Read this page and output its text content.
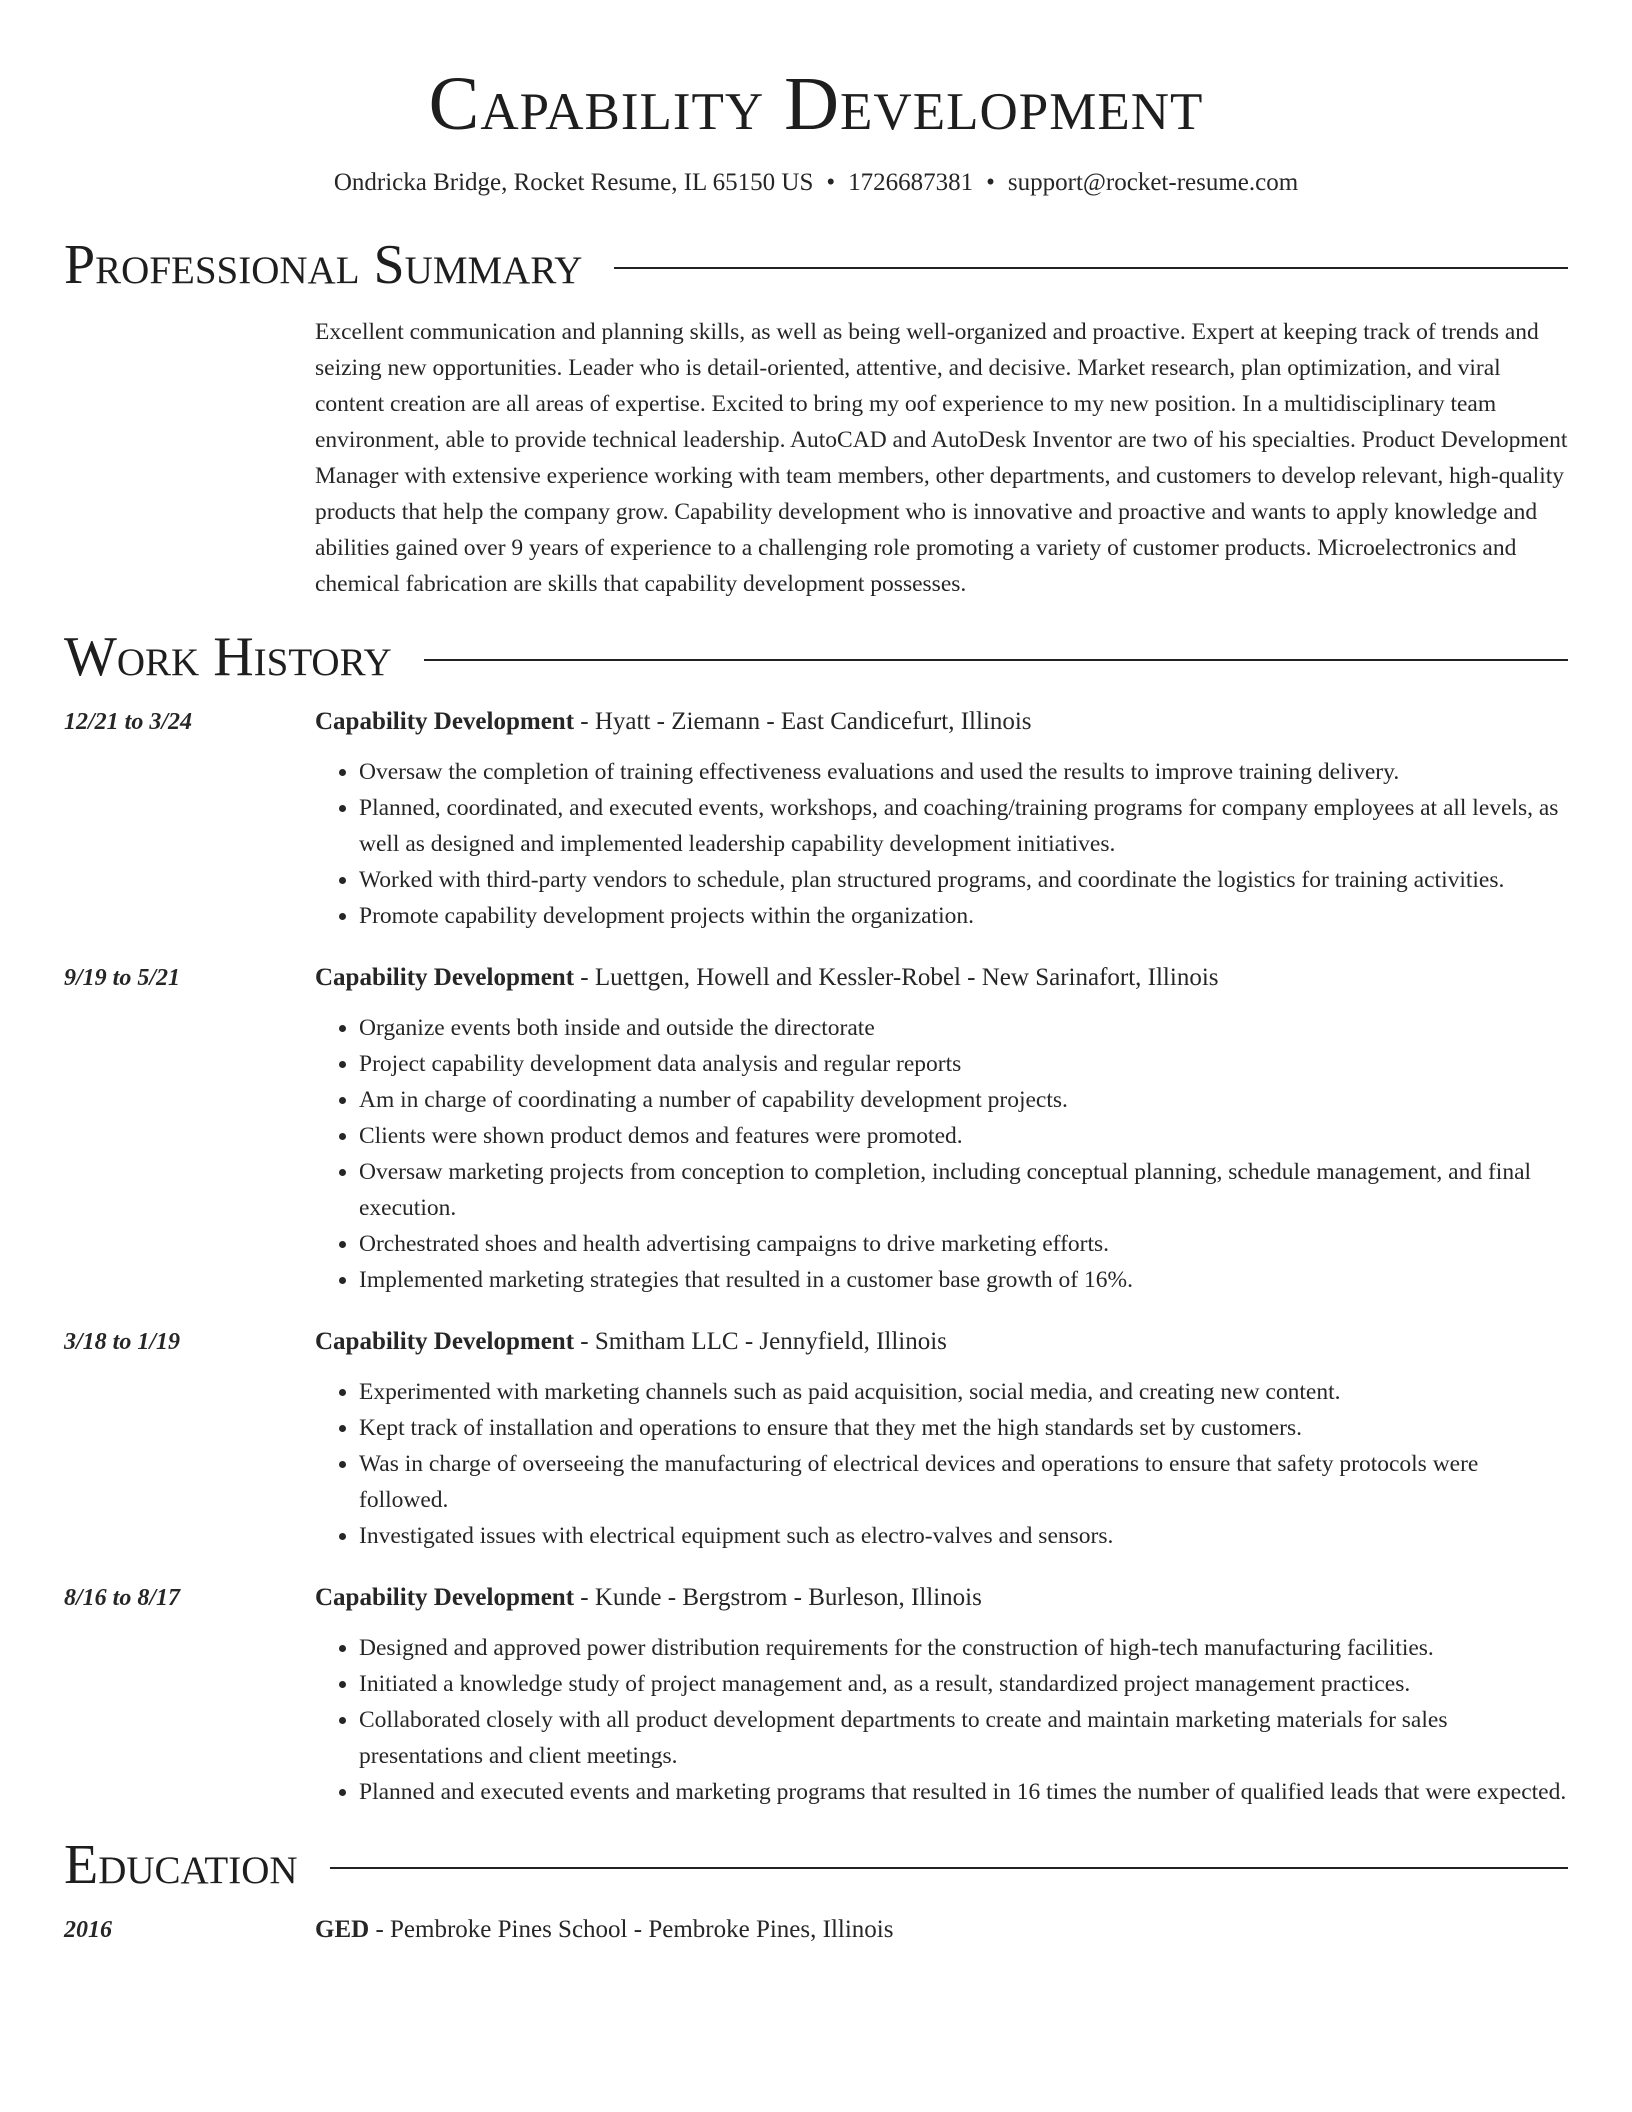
Capability Development
Ondricka Bridge, Rocket Resume, IL 65150 US • 1726687381 • support@rocket-resume.com
Professional Summary
Excellent communication and planning skills, as well as being well-organized and proactive. Expert at keeping track of trends and seizing new opportunities. Leader who is detail-oriented, attentive, and decisive. Market research, plan optimization, and viral content creation are all areas of expertise. Excited to bring my oof experience to my new position. In a multidisciplinary team environment, able to provide technical leadership. AutoCAD and AutoDesk Inventor are two of his specialties. Product Development Manager with extensive experience working with team members, other departments, and customers to develop relevant, high-quality products that help the company grow. Capability development who is innovative and proactive and wants to apply knowledge and abilities gained over 9 years of experience to a challenging role promoting a variety of customer products. Microelectronics and chemical fabrication are skills that capability development possesses.
Work History
12/21 to 3/24	Capability Development - Hyatt - Ziemann - East Candicefurt, Illinois
• Oversaw the completion of training effectiveness evaluations and used the results to improve training delivery.
• Planned, coordinated, and executed events, workshops, and coaching/training programs for company employees at all levels, as well as designed and implemented leadership capability development initiatives.
• Worked with third-party vendors to schedule, plan structured programs, and coordinate the logistics for training activities.
• Promote capability development projects within the organization.
9/19 to 5/21	Capability Development - Luettgen, Howell and Kessler-Robel - New Sarinafort, Illinois
• Organize events both inside and outside the directorate
• Project capability development data analysis and regular reports
• Am in charge of coordinating a number of capability development projects.
• Clients were shown product demos and features were promoted.
• Oversaw marketing projects from conception to completion, including conceptual planning, schedule management, and final execution.
• Orchestrated shoes and health advertising campaigns to drive marketing efforts.
• Implemented marketing strategies that resulted in a customer base growth of 16%.
3/18 to 1/19	Capability Development - Smitham LLC - Jennyfield, Illinois
• Experimented with marketing channels such as paid acquisition, social media, and creating new content.
• Kept track of installation and operations to ensure that they met the high standards set by customers.
• Was in charge of overseeing the manufacturing of electrical devices and operations to ensure that safety protocols were followed.
• Investigated issues with electrical equipment such as electro-valves and sensors.
8/16 to 8/17	Capability Development - Kunde - Bergstrom - Burleson, Illinois
• Designed and approved power distribution requirements for the construction of high-tech manufacturing facilities.
• Initiated a knowledge study of project management and, as a result, standardized project management practices.
• Collaborated closely with all product development departments to create and maintain marketing materials for sales presentations and client meetings.
• Planned and executed events and marketing programs that resulted in 16 times the number of qualified leads that were expected.
Education
2016	GED - Pembroke Pines School - Pembroke Pines, Illinois
